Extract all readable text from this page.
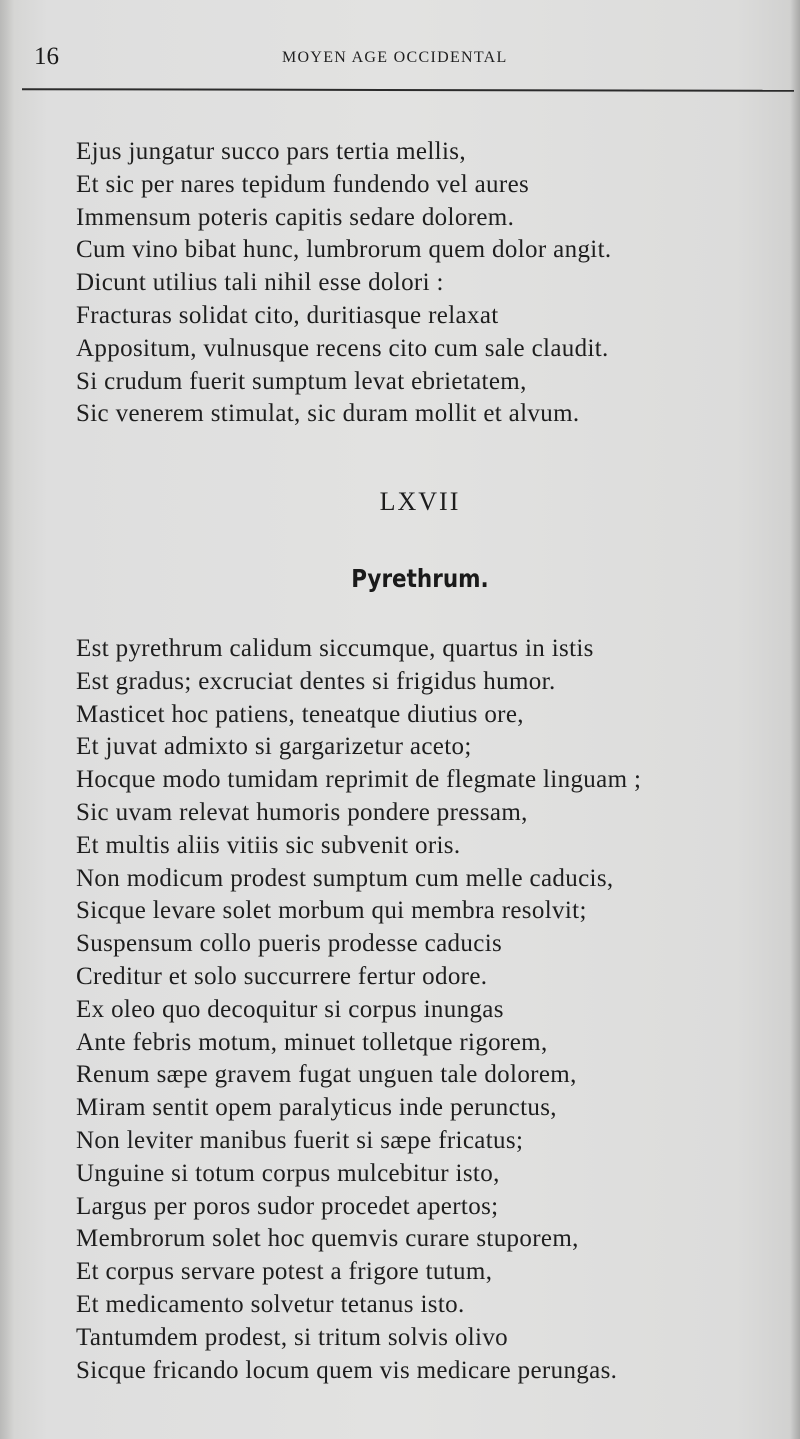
16	MOYEN AGE OCCIDENTAL
Ejus jungatur succo pars tertia mellis,
Et sic per nares tepidum fundendo vel aures
Immensum poteris capitis sedare dolorem.
Cum vino bibat hunc, lumbrorum quem dolor angit.
Dicunt utilius tali nihil esse dolori :
Fracturas solidat cito, duritiasque relaxat
Appositum, vulnusque recens cito cum sale claudit.
Si crudum fuerit sumptum levat ebrietatem,
Sic venerem stimulat, sic duram mollit et alvum.
LXVII
Pyrethrum.
Est pyrethrum calidum siccumque, quartus in istis
Est gradus; excruciat dentes si frigidus humor.
Masticet hoc patiens, teneatque diutius ore,
Et juvat admixto si gargarizetur aceto;
Hocque modo tumidam reprimit de flegmate linguam ;
Sic uvam relevat humoris pondere pressam,
Et multis aliis vitiis sic subvenit oris.
Non modicum prodest sumptum cum melle caducis,
Sicque levare solet morbum qui membra resolvit;
Suspensum collo pueris prodesse caducis
Creditur et solo succurrere fertur odore.
Ex oleo quo decoquitur si corpus inungas
Ante febris motum, minuet tolletque rigorem,
Renum sæpe gravem fugat unguen tale dolorem,
Miram sentit opem paralyticus inde perunctus,
Non leviter manibus fuerit si sæpe fricatus;
Unguine si totum corpus mulcebitur isto,
Largus per poros sudor procedet apertos;
Membrorum solet hoc quemvis curare stuporem,
Et corpus servare potest a frigore tutum,
Et medicamento solvetur tetanus isto.
Tantumdem prodest, si tritum solvis olivo
Sicque fricando locum quem vis medicare perungas.
